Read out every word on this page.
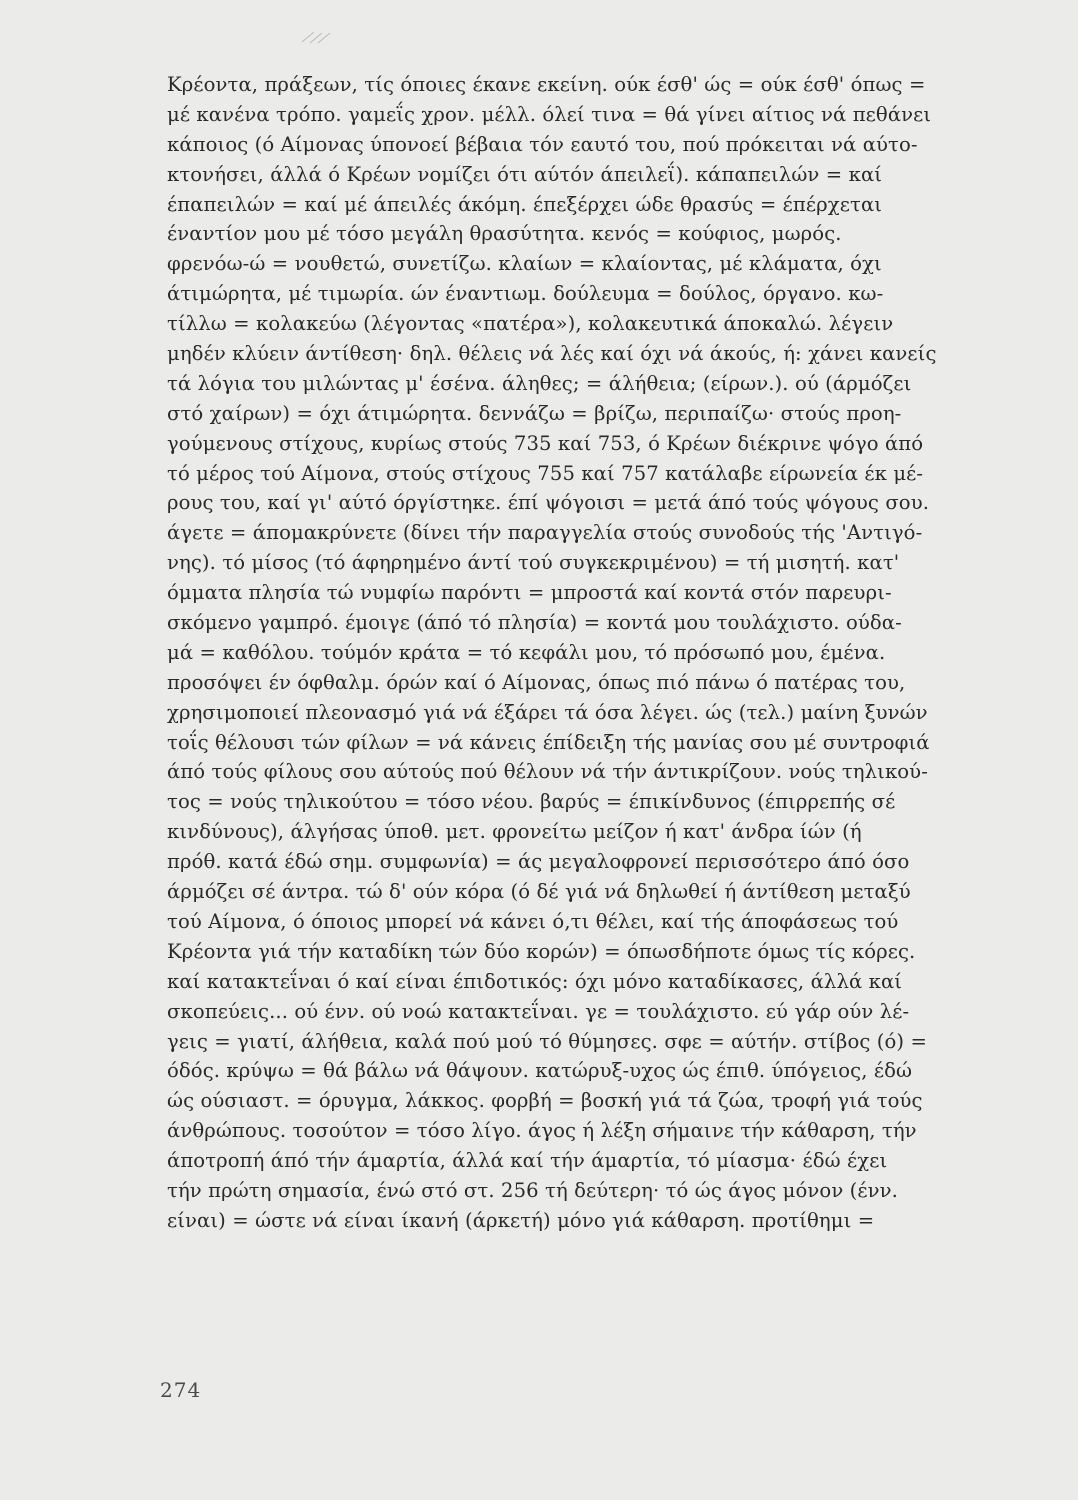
Κρέοντα, πράξεων, τίς όποιες έκανε εκείνη. ούκ έσθ' ώς = ούκ έσθ' όπως =
μέ κανένα τρόπο. γαμεΐς χρον. μέλλ. όλεί τινα = θά γίνει αίτιος νά πεθάνει
κάποιος (ό Αίμονας ύπονοεί βέβαια τόν εαυτό του, πού πρόκειται νά αύτο-
κτονήσει, άλλά ό Κρέων νομίζει ότι αύτόν άπειλεΐ). κάπαπειλών = καί
έπαπειλών = καί μέ άπειλές άκόμη. έπεξέρχει ώδε θρασύς = έπέρχεται
έναντίον μου μέ τόσο μεγάλη θρασύτητα. κενός = κούφιος, μωρός.
φρενόω-ώ = νουθετώ, συνετίζω. κλαίων = κλαίοντας, μέ κλάματα, όχι
άτιμώρητα, μέ τιμωρία. ών έναντιωμ. δούλευμα = δούλος, όργανο. κω-
τίλλω = κολακεύω (λέγοντας «πατέρα»), κολακευτικά άποκαλώ. λέγειν
μηδέν κλύειν άντίθεση· δηλ. θέλεις νά λές καί όχι νά άκούς, ή: χάνει κανείς
τά λόγια του μιλώντας μ' έσένα. άληθες; = άλήθεια; (είρων.). ού (άρμόζει
στό χαίρων) = όχι άτιμώρητα. δεννάζω = βρίζω, περιπαίζω· στούς προη-
γούμενους στίχους, κυρίως στούς 735 καί 753, ό Κρέων διέκρινε ψόγο άπό
τό μέρος τού Αίμονα, στούς στίχους 755 καί 757 κατάλαβε είρωνεία έκ μέ-
ρους του, καί γι' αύτό όργίστηκε. έπί ψόγοισι = μετά άπό τούς ψόγους σου.
άγετε = άπομακρύνετε (δίνει τήν παραγγελία στούς συνοδούς τής 'Αντιγό-
νης). τό μίσος (τό άφηρημένο άντί τού συγκεκριμένου) = τή μισητή. κατ'
όμματα πλησία τώ νυμφίω παρόντι = μπροστά καί κοντά στόν παρευρι-
σκόμενο γαμπρό. έμοιγε (άπό τό πλησία) = κοντά μου τουλάχιστο. ούδα-
μά = καθόλου. τούμόν κράτα = τό κεφάλι μου, τό πρόσωπό μου, έμένα.
προσόψει έν όφθαλμ. όρών καί ό Αίμονας, όπως πιό πάνω ό πατέρας του,
χρησιμοποιεί πλεονασμό γιά νά έξάρει τά όσα λέγει. ώς (τελ.) μαίνη ξυνών
τοΐς θέλουσι τών φίλων = νά κάνεις έπίδειξη τής μανίας σου μέ συντροφιά
άπό τούς φίλους σου αύτούς πού θέλουν νά τήν άντικρίζουν. νούς τηλικού-
τος = νούς τηλικούτου = τόσο νέου. βαρύς = έπικίνδυνος (έπιρρεπής σέ
κινδύνους), άλγήσας ύποθ. μετ. φρονείτω μείζον ή κατ' άνδρα ίών (ή
πρόθ. κατά έδώ σημ. συμφωνία) = άς μεγαλοφρονεί περισσότερο άπό όσο
άρμόζει σέ άντρα. τώ δ' ούν κόρα (ό δέ γιά νά δηλωθεί ή άντίθεση μεταξύ
τού Αίμονα, ό όποιος μπορεί νά κάνει ό,τι θέλει, καί τής άποφάσεως τού
Κρέοντα γιά τήν καταδίκη τών δύο κορών) = όπωσδήποτε όμως τίς κόρες.
καί κατακτεΐναι ό καί είναι έπιδοτικός: όχι μόνο καταδίκασες, άλλά καί
σκοπεύεις... ού ένν. ού νοώ κατακτεΐναι. γε = τουλάχιστο. εύ γάρ ούν λέ-
γεις = γιατί, άλήθεια, καλά πού μού τό θύμησες. σφε = αύτήν. στίβος (ό) =
όδός. κρύψω = θά βάλω νά θάψουν. κατώρυξ-υχος ώς έπιθ. ύπόγειος, έδώ
ώς ούσιαστ. = όρυγμα, λάκκος. φορβή = βοσκή γιά τά ζώα, τροφή γιά τούς
άνθρώπους. τοσούτον = τόσο λίγο. άγος ή λέξη σήμαινε τήν κάθαρση, τήν
άποτροπή άπό τήν άμαρτία, άλλά καί τήν άμαρτία, τό μίασμα· έδώ έχει
τήν πρώτη σημασία, ένώ στό στ. 256 τή δεύτερη· τό ώς άγος μόνον (ένν.
είναι) = ώστε νά είναι ίκανή (άρκετή) μόνο γιά κάθαρση. προτίθημι =
274
